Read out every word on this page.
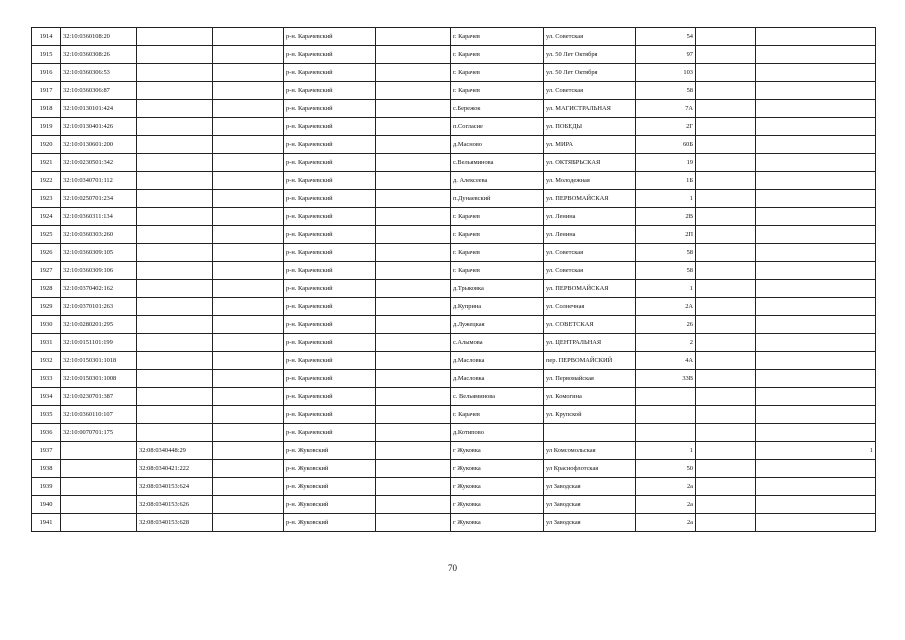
1914	32:10:0360108:20			р-н. Карачевский		г. Карачев	ул. Советская	54		
1915	32:10:0360308:26			р-н. Карачевский		г. Карачев	ул. 50 Лет Октября	97		
1916	32:10:0360306:53			р-н. Карачевский		г. Карачев	ул. 50 Лет Октября	103		
1917	32:10:0360306:87			р-н. Карачевский		г. Карачев	ул. Советская	58		
1918	32:10:0130101:424			р-н. Карачевский		с.Бережок	ул. МАГИСТРАЛЬНАЯ	7А		
1919	32:10:0130401:426			р-н. Карачевский		п.Согласие	ул. ПОБЕДЫ	2Г		
1920	32:10:0130601:200			р-н. Карачевский		д.Масново	ул. МИРА	60Б		
1921	32:10:0230501:342			р-н. Карачевский		с.Вельяминова	ул. ОКТЯБРЬСКАЯ	19		
1922	32:10:0340701:112			р-н. Карачевский		д. Алексеева	ул. Молодежная	1Б		
1923	32:10:0250701:234			р-н. Карачевский		п.Дунаевский	ул. ПЕРВОМАЙСКАЯ	1		
1924	32:10:0360311:134			р-н. Карачевский		г. Карачев	ул. Ленина	2В		
1925	32:10:0360303:260			р-н. Карачевский		г. Карачев	ул. Ленина	2П		
1926	32:10:0360309:105			р-н. Карачевский		г. Карачев	ул. Советская	58		
1927	32:10:0360309:106			р-н. Карачевский		г. Карачев	ул. Советская	58		
1928	32:10:0370402:162			р-н. Карачевский		д.Трыковка	ул. ПЕРВОМАЙСКАЯ	1		
1929	32:10:0370101:263			р-н. Карачевский		д.Куприна	ул. Солнечная	2А		
1930	32:10:0280201:295			р-н. Карачевский		д.Лужецкая	ул. СОВЕТСКАЯ	26		
1931	32:10:0151101:199			р-н. Карачевский		с.Алымова	ул. ЦЕНТРАЛЬНАЯ	2		
1932	32:10:0150301:1018			р-н. Карачевский		д.Масловка	пер. ПЕРВОМАЙСКИЙ	4А		
1933	32:10:0150301:1008			р-н. Карачевский		д.Масловка	ул. Первомайская	33В		
1934	32:10:0230701:387			р-н. Карачевский		с. Вельяминова	ул. Комогина			
1935	32:10:0360110:107			р-н. Карачевский		г. Карачев	ул. Крупской			
1936	32:10:0070701:175			р-н. Карачевский		д.Котипово				
1937		32:08:0340448:29		р-н. Жуковский		г Жуковка	ул Комсомольская	1		1
1938		32:08:0340421:222		р-н. Жуковский		г Жуковка	ул Краснофлотская	50		
1939		32:08:0340153:624		р-н. Жуковский		г Жуковка	ул Заводская	2а		
1940		32:08:0340153:626		р-н. Жуковский		г Жуковка	ул Заводская	2а		
1941		32:08:0340153:628		р-н. Жуковский		г Жуковка	ул Заводская	2а		
70
